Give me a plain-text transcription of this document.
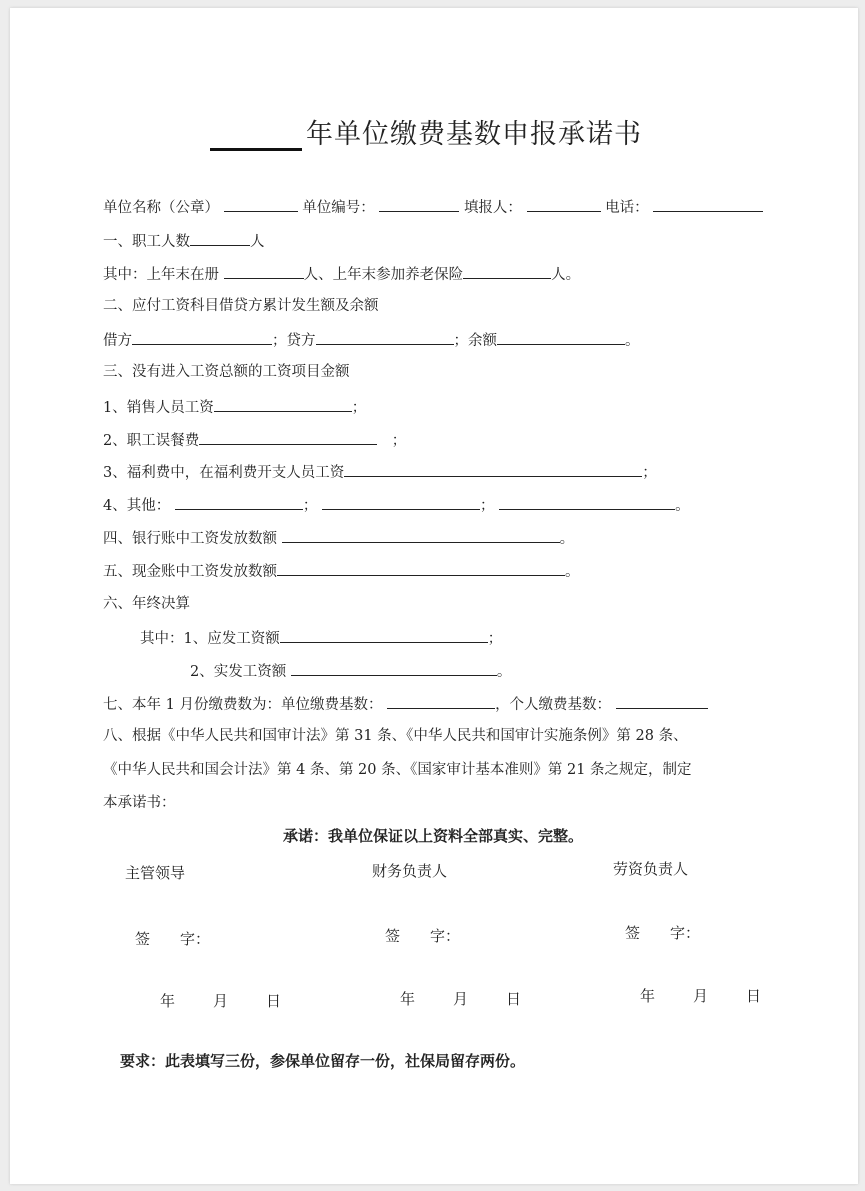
年单位缴费基数申报承诺书
单位名称（公章）	单位编号：	填报人：	电话：
一、职工人数	人
其中：上年末在册	人、上年末参加养老保险	人。
二、应付工资科目借贷方累计发生额及余额
借方	；贷方	；余额	。
三、没有进入工资总额的工资项目金额
1、销售人员工资	；
2、职工误餐费　	；
3、福利费中，在福利费开支人员工资	；
4、其他：	；	；	。
四、银行账中工资发放数额	。
五、现金账中工资发放数额	。
六、年终决算
其中：1、应发工资额	；
2、实发工资额	。
七、本年 1 月份缴费数为：单位缴费基数：	，个人缴费基数：
八、根据《中华人民共和国审计法》第 31 条、《中华人民共和国审计实施条例》第 28 条、
《中华人民共和国会计法》第 4 条、第 20 条、《国家审计基本准则》第 21 条之规定，制定
本承诺书：
承诺：我单位保证以上资料全部真实、完整。
主管领导	财务负责人	劳资负责人
签　　字：	签　　字：	签　　字：
年	月	日	年	月	日	年	月	日
要求：此表填写三份，参保单位留存一份，社保局留存两份。
